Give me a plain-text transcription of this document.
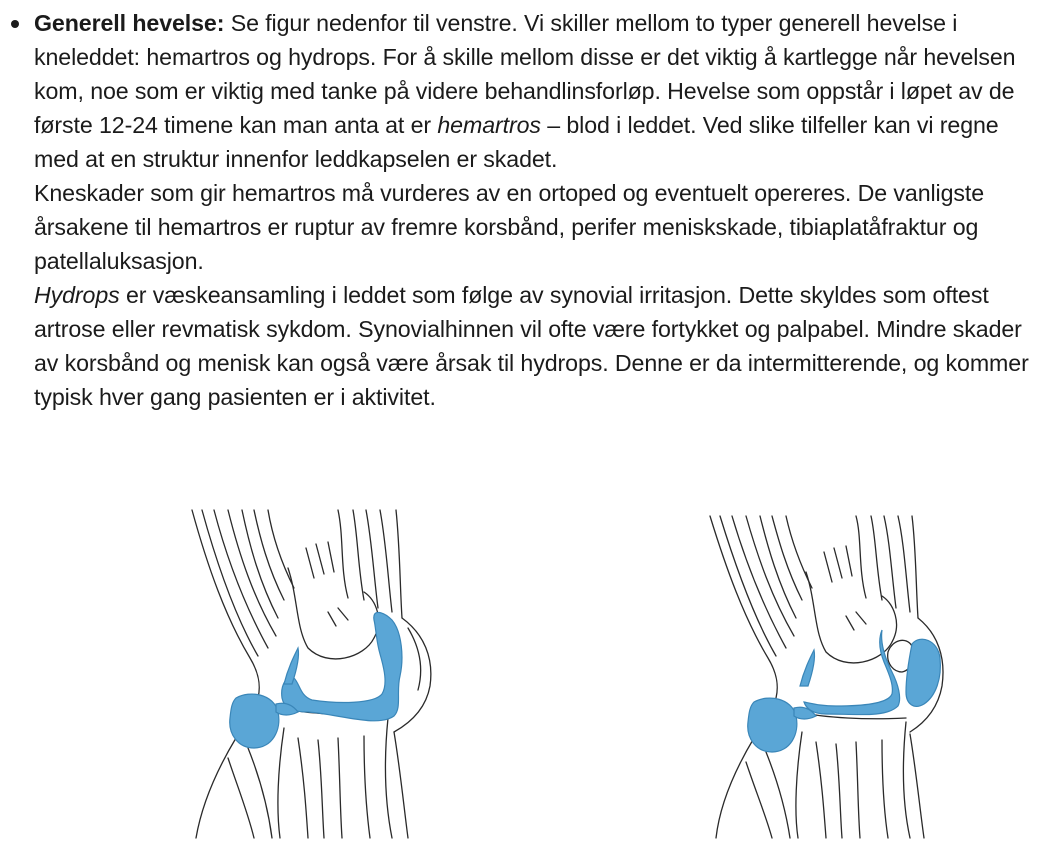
Generell hevelse: Se figur nedenfor til venstre. Vi skiller mellom to typer generell hevelse i kneleddet: hemartros og hydrops. For å skille mellom disse er det viktig å kartlegge når hevelsen kom, noe som er viktig med tanke på videre behandlinsforløp. Hevelse som oppstår i løpet av de første 12-24 timene kan man anta at er hemartros – blod i leddet. Ved slike tilfeller kan vi regne med at en struktur innenfor leddkapselen er skadet.
Kneskader som gir hemartros må vurderes av en ortoped og eventuelt opereres. De vanligste årsakene til hemartros er ruptur av fremre korsbånd, perifer meniskskade, tibiaplatåfraktur og patellaluksasjon.
Hydrops er væskeansamling i leddet som følge av synovial irritasjon. Dette skyldes som oftest artrose eller revmatisk sykdom. Synovialhinnen vil ofte være fortykket og palpabel. Mindre skader av korsbånd og menisk kan også være årsak til hydrops. Denne er da intermitterende, og kommer typisk hver gang pasienten er i aktivitet.
